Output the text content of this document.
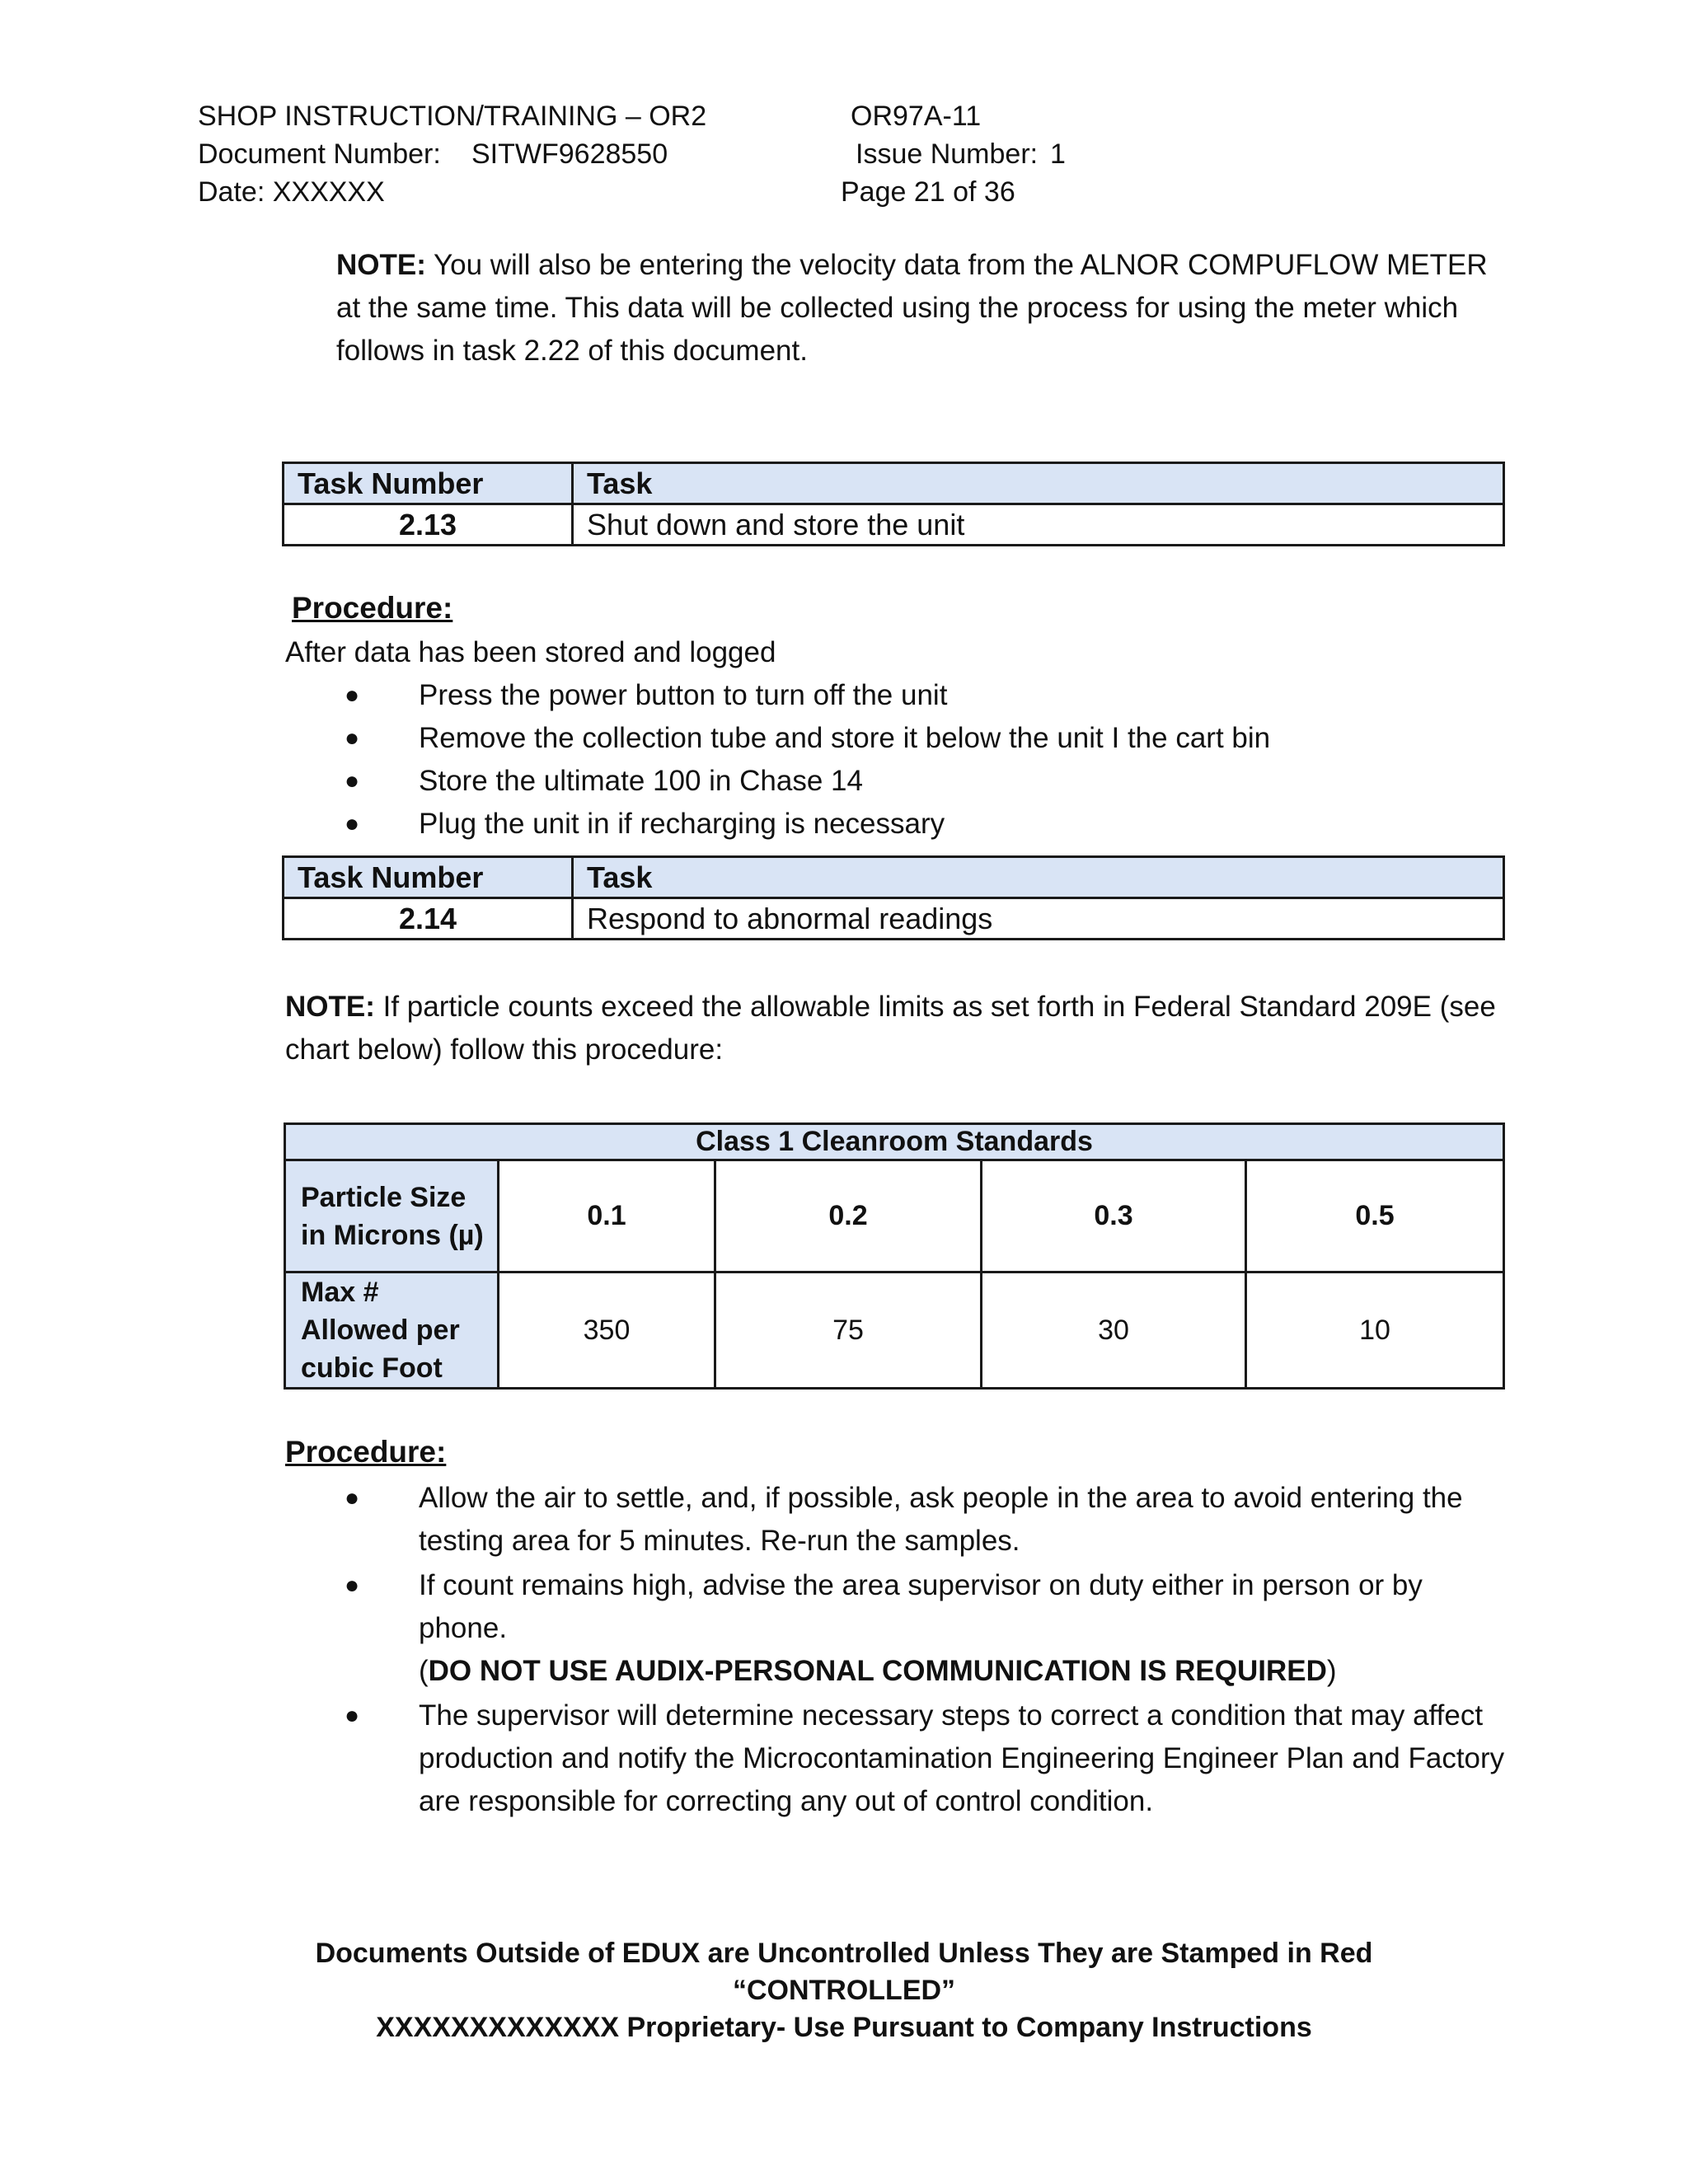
SHOP INSTRUCTION/TRAINING – OR2	OR97A-11
Document Number: SITWF9628550	Issue Number: 1
Date: XXXXXX	Page 21 of 36
NOTE: You will also be entering the velocity data from the ALNOR COMPUFLOW METER at the same time. This data will be collected using the process for using the meter which follows in task 2.22 of this document.
Task Number	Task
2.13	Shut down and store the unit
Procedure:
After data has been stored and logged
●	Press the power button to turn off the unit
●	Remove the collection tube and store it below the unit I the cart bin
●	Store the ultimate 100 in Chase 14
●	Plug the unit in if recharging is necessary
Task Number	Task
2.14	Respond to abnormal readings
NOTE: If particle counts exceed the allowable limits as set forth in Federal Standard 209E (see chart below) follow this procedure:
Class 1 Cleanroom Standards				
Particle Size in Microns (µ)	0.1	0.2	0.3	0.5
Max # Allowed per cubic Foot	350	75	30	10
Procedure:
●	Allow the air to settle, and, if possible, ask people in the area to avoid entering the testing area for 5 minutes. Re-run the samples.
●	If count remains high, advise the area supervisor on duty either in person or by phone.
(DO NOT USE AUDIX-PERSONAL COMMUNICATION IS REQUIRED)
●	The supervisor will determine necessary steps to correct a condition that may affect production and notify the Microcontamination Engineering Engineer Plan and Factory are responsible for correcting any out of control condition.
Documents Outside of EDUX are Uncontrolled Unless They are Stamped in Red
“CONTROLLED”
XXXXXXXXXXXXX Proprietary- Use Pursuant to Company Instructions
